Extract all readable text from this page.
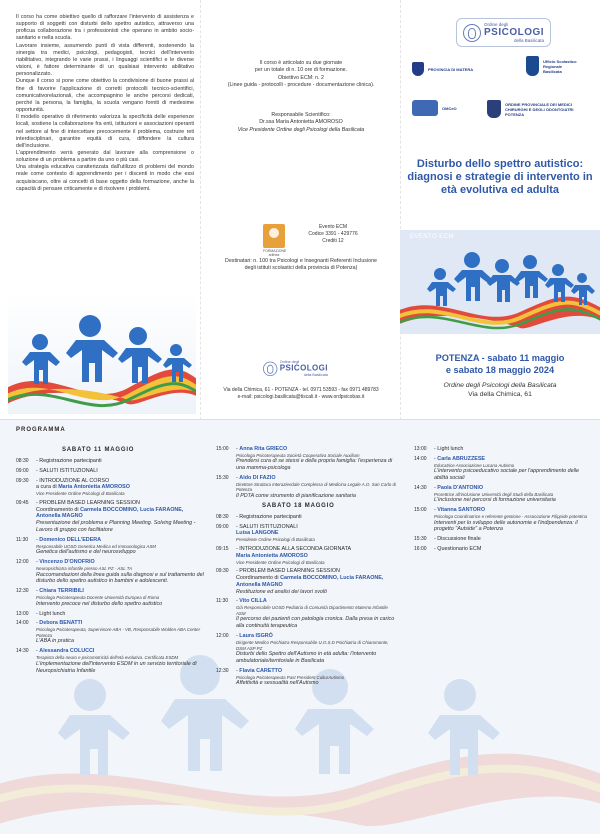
Il corso ha come obiettivo quello di rafforzare l'intervento di assistenza e supporto di soggetti con disturbi dello spettro autistico, attraverso una proficua collaborazione tra i professionisti che operano in ambito socio-sanitario e nella scuola.

Lavorare insieme, assumendo punti di vista differenti, sostenendo la sinergia tra medici, psicologi, pedagogisti, tecnici dell'intervento riabilitativo, integrando le varie prassi, i linguaggi scientifici e le diverse visioni, è fattore determinante di un qualsiasi intervento abilitativo personalizzato.

Dunque il corso si pone come obiettivo la condivisione di buone prassi al fine di favorire l'applicazione di corretti protocolli tecnico-scientifici, comunicativorelazionali, che accompagnino le anche percorsi dedicati, perché la persona, la famiglia, la scuola vengano forniti di medesime opportunità.

Il modello operativo di riferimento valorizza la specificità delle esperienze locali, sostiene la collaborazione fra enti, istituzioni e associazioni operanti nel settore al fine di intercettare precocemente il problema, costruire reti interdisciplinari, garantire equità di cura, diffondere la cultura dell'inclusione.

L'apprendimento verrà generato dal lavorare alla comprensione o soluzione di un problema a partire da uno o più casi.

Una strategia educativa caratterizzata dall'utilizzo di problemi del mondo reale come contesto di apprendimento per i discenti in modo che essi acquisiscano, oltre ai concetti di base oggetto della formazione, anche la capacità di pensare criticamente e di risolvere i problemi.

Il corso è articolato su due giornate
per un totale di n. 10 ore di formazione.
Obiettivo ECM: n. 2
(Linee guida - protocolli - procedure - documentazione clinica).
Responsabile Scientifico:
Dr.ssa Maria Antonietta AMOROSO
Vice Presidente Ordine degli Psicologi della Basilicata
FORMAZIONE arithea
Evento ECM
Codice 3391 - 429776
Crediti 12
Destinatari: n. 100 tra Psicologi e Insegnanti Referenti Inclusione
degli istituti scolastici della provincia di Potenza)
Ordine degli
PSICOLOGI
della Basilicata
Via della Chimica, 61 - POTENZA - tel. 0971 53593 - fax 0971 489783
e-mail: psicologi.basilicata@tiscali.it - www.ordpsicobas.it
Ordine degli
PSICOLOGI
della Basilicata
PROVINCIA DI MATERA
Ufficio Scolastico Regionale Basilicata
OMCeO
ORDINE PROVINCIALE DEI MEDICI CHIRURGHI E DEGLI ODONTOIATRI POTENZA
Disturbo dello spettro autistico: diagnosi e strategie di intervento in età evolutiva ed adulta
EVENTO ECM
POTENZA - sabato 11 maggio
e sabato 18 maggio 2024
Ordine degli Psicologi della Basilicata
Via della Chimica, 61
PROGRAMMA
SABATO 11 MAGGIO
08:30	- Registrazione partecipanti
09:00	- SALUTI ISTITUZIONALI
09:30	- INTRODUZIONE AL CORSO
a cura di Maria Antonietta AMOROSO
Vice Presidente Ordine Psicologi di Basilicata
09:45	- PROBLEM BASED LEARNING SESSION
Coordinamento di Carmela BOCCOMINO, Lucia FARAONE, Antonella MAGNO
Presentazione del problema e Planning Meeting. Solving Meeting - Lavoro di gruppo con facilitatore
11:30	- Domenico DELL'EDERA
Responsabile UOSD Genetica Medica ed Immunologica ASM
Genetica dell'autismo e del neurosviluppo
12:00	- Vincenzo D'ONOFRIO
Neuropsichiatra infantile presso ASL PZ - ASL TA
Raccomandazioni della linea guida sulla diagnosi e sul trattamento del disturbo dello spettro autistico in bambini e adolescenti.
12:30	- Chiara TERRIBILI
Psicologa Psicoterapeuta Docente Università Europea di Roma
Intervento precoce nel disturbo dello spettro autistico
13:00	- Light lunch
14:00	- Debora BENATTI
Psicologa Psicoterapeuta, Supervisore ABA - VB, Responsabile Wolden ABA Center Potenza
L'ABA in pratica
14:30	- Alessandra COLUCCI
Terapista della neuro e psicomotricità dell'età evolutiva. Certificata ESDM
L'implementazione dell'intervento ESDM in un servizio territoriale di Neuropsichiatria Infantile
15:00	- Anna Rita GRIECO
Psicologa Psicoterapeuta Società Cooperativa Sociale Auxilium
Prendersi cura di se stessi e della propria famiglia: l'esperienza di una mamma-psicologa
15:30	- Aldo DI FAZIO
Direttore Struttura Interaziendale Complessa di Medicina Legale A.O. San Carlo di Potenza
Il PDTA come strumento di pianificazione sanitaria
SABATO 18 MAGGIO
08:30	- Registrazione partecipanti
09:00	- SALUTI ISTITUZIONALI
Luisa LANGONE
Presidente Ordine Psicologi di Basilicata
09:15	- INTRODUZIONE ALLA SECONDA GIORNATA
Maria Antonietta AMOROSO
Vice Presidente Ordine Psicologi di Basilicata
09:30	- PROBLEM BASED LEARNING SESSION
Coordinamento di Carmela BOCCOMINO, Lucia FARAONE, Antonella MAGNO
Restituzione ed analisi dei lavori svolti
11:30	- Vito CILLA
Già Responsabile UOSD Pediatria di Comunità Dipartimento Materno Infantile ASM
Il percorso dei pazienti con patologia cronica. Dalla presa in carico alla continuità terapeutica
12:00	- Laura ISGRÒ
Dirigente Medico Psichiatra Responsabile U.O.S.D Psichiatria di Chiaromonte, DSM ASP PZ
Disturbi dello Spettro dell'Autismo in età adulta: l'intervento ambulatoriale/territoriale in Basilicata
12:30	- Flavia CARETTO
Psicologa Psicoterapeuta Past President CulturAutismo
Affettività e sessualità nell'Autismo
13:00	- Light lunch
14:00	- Carla ABRUZZESE
Educatrice Associazione Lucana Autismo
L'intervento psicoeducativo sociale per l'apprendimento delle abilità sociali
14:30	- Paola D'ANTONIO
Prorettrice all'inclusione Università degli Studi della Basilicata
L'inclusione nei percorsi di formazione universitaria
15:00	- Vitanna SANTORO
Psicologa Coordinatrice e referente gestione - Associazione Filippide potentina
Interventi per lo sviluppo delle autonomie e l'indipendenza: il progetto "Autside" a Potenza
15:30	- Discussione finale
16:00	- Questionario ECM
